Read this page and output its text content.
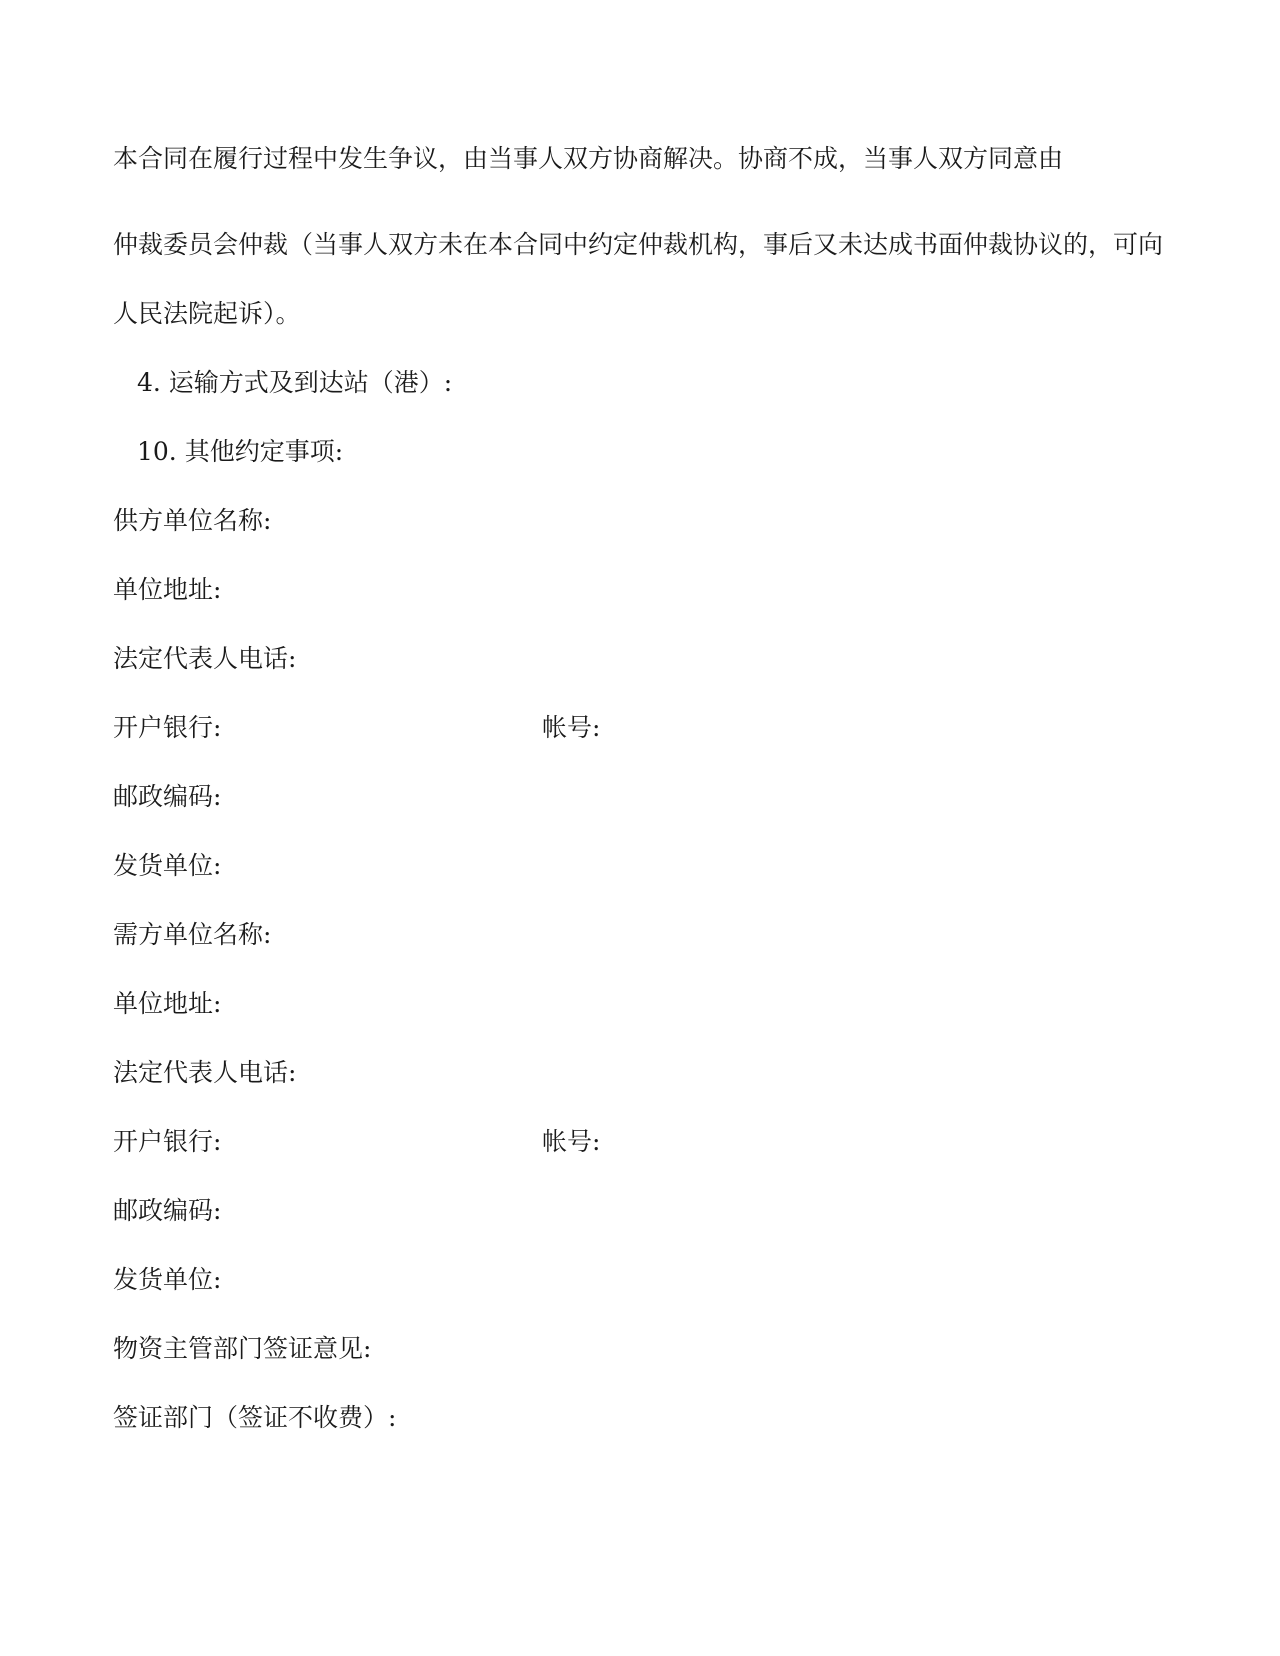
本合同在履行过程中发生争议，由当事人双方协商解决。协商不成，当事人双方同意由
仲裁委员会仲裁（当事人双方未在本合同中约定仲裁机构，事后又未达成书面仲裁协议的，可向
人民法院起诉）。
4. 运输方式及到达站（港）:
10. 其他约定事项:
供方单位名称:
单位地址:
法定代表人电话:
开户银行:	帐号:
邮政编码:
发货单位:
需方单位名称:
单位地址:
法定代表人电话:
开户银行:	帐号:
邮政编码:
发货单位:
物资主管部门签证意见:
签证部门（签证不收费）:
